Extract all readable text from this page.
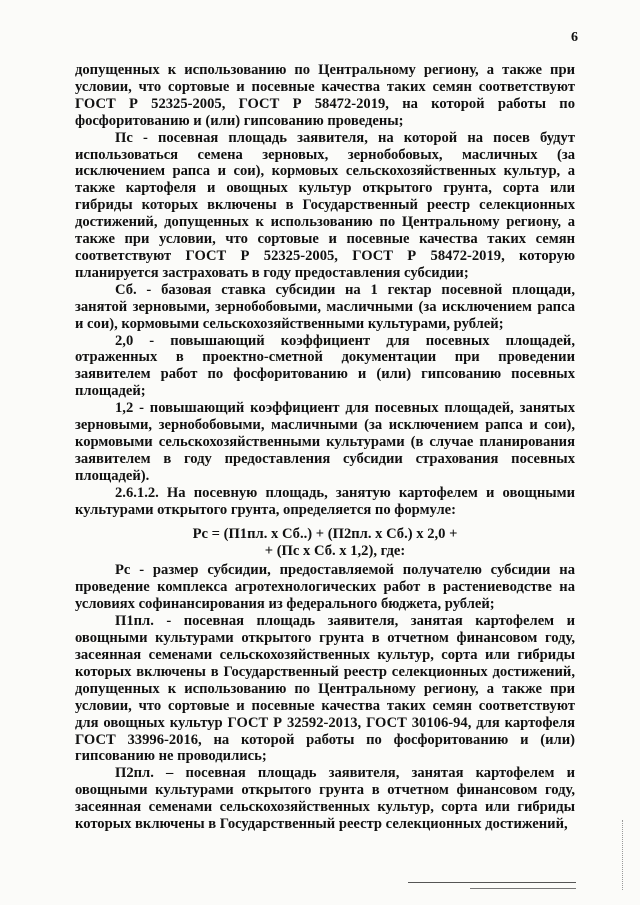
6

допущенных к использованию по Центральному региону, а также при условии, что сортовые и посевные качества таких семян соответствуют ГОСТ Р 52325-2005, ГОСТ Р 58472-2019, на которой работы по фосфоритованию и (или) гипсованию проведены;

Пс - посевная площадь заявителя, на которой на посев будут использоваться семена зерновых, зернобобовых, масличных (за исключением рапса и сои), кормовых сельскохозяйственных культур, а также картофеля и овощных культур открытого грунта, сорта или гибриды которых включены в Государственный реестр селекционных достижений, допущенных к использованию по Центральному региону, а также при условии, что сортовые и посевные качества таких семян соответствуют ГОСТ Р 52325-2005, ГОСТ Р 58472-2019, которую планируется застраховать в году предоставления субсидии;

Сб. - базовая ставка субсидии на 1 гектар посевной площади, занятой зерновыми, зернобобовыми, масличными (за исключением рапса и сои), кормовыми сельскохозяйственными культурами, рублей;

2,0 - повышающий коэффициент для посевных площадей, отраженных в проектно-сметной документации при проведении заявителем работ по фосфоритованию и (или) гипсованию посевных площадей;

1,2 - повышающий коэффициент для посевных площадей, занятых зерновыми, зернобобовыми, масличными (за исключением рапса и сои), кормовыми сельскохозяйственными культурами (в случае планирования заявителем в году предоставления субсидии страхования посевных площадей).

2.6.1.2. На посевную площадь, занятую картофелем и овощными культурами открытого грунта, определяется по формуле:

Рс = (П1пл. х Сб..) + (П2пл. х Сб.) х 2,0 +
+ (Пс х Сб. х 1,2), где:

Рс - размер субсидии, предоставляемой получателю субсидии на проведение комплекса агротехнологических работ в растениеводстве на условиях софинансирования из федерального бюджета, рублей;

П1пл. - посевная площадь заявителя, занятая картофелем и овощными культурами открытого грунта в отчетном финансовом году, засеянная семенами сельскохозяйственных культур, сорта или гибриды которых включены в Государственный реестр селекционных достижений, допущенных к использованию по Центральному региону, а также при условии, что сортовые и посевные качества таких семян соответствуют для овощных культур ГОСТ Р 32592-2013, ГОСТ 30106-94, для картофеля ГОСТ 33996-2016, на которой работы по фосфоритованию и (или) гипсованию не проводились;

П2пл. – посевная площадь заявителя, занятая картофелем и овощными культурами открытого грунта в отчетном финансовом году, засеянная семенами сельскохозяйственных культур, сорта или гибриды которых включены в Государственный реестр селекционных достижений,
